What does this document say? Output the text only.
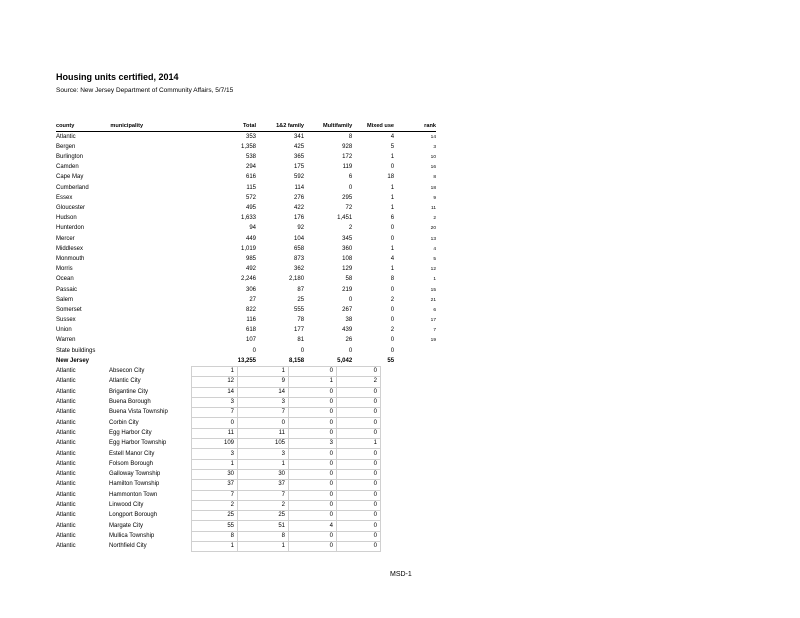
Housing units certified, 2014
Source: New Jersey Department of Community Affairs, 5/7/15
county	municipality	Total	1&2 family	Multifamily	Mixed use	rank
Atlantic		353	341	8	4	14
Bergen		1,358	425	928	5	3
Burlington		538	365	172	1	10
Camden		294	175	119	0	16
Cape May		616	592	6	18	8
Cumberland		115	114	0	1	18
Essex		572	276	295	1	9
Gloucester		495	422	72	1	11
Hudson		1,633	176	1,451	6	2
Hunterdon		94	92	2	0	20
Mercer		449	104	345	0	13
Middlesex		1,019	658	360	1	4
Monmouth		985	873	108	4	5
Morris		492	362	129	1	12
Ocean		2,246	2,180	58	8	1
Passaic		306	87	219	0	15
Salem		27	25	0	2	21
Somerset		822	555	267	0	6
Sussex		116	78	38	0	17
Union		618	177	439	2	7
Warren		107	81	26	0	19
State buildings		0	0	0	0	
New Jersey		13,255	8,158	5,042	55	
Atlantic	Absecon City	1	1	0	0
Atlantic	Atlantic City	12	9	1	2
Atlantic	Brigantine City	14	14	0	0
Atlantic	Buena Borough	3	3	0	0
Atlantic	Buena Vista Township	7	7	0	0
Atlantic	Corbin City	0	0	0	0
Atlantic	Egg Harbor City	11	11	0	0
Atlantic	Egg Harbor Township	109	105	3	1
Atlantic	Estell Manor City	3	3	0	0
Atlantic	Folsom Borough	1	1	0	0
Atlantic	Galloway Township	30	30	0	0
Atlantic	Hamilton Township	37	37	0	0
Atlantic	Hammonton Town	7	7	0	0
Atlantic	Linwood City	2	2	0	0
Atlantic	Longport Borough	25	25	0	0
Atlantic	Margate City	55	51	4	0
Atlantic	Mullica Township	8	8	0	0
Atlantic	Northfield City	1	1	0	0
MSD-1
